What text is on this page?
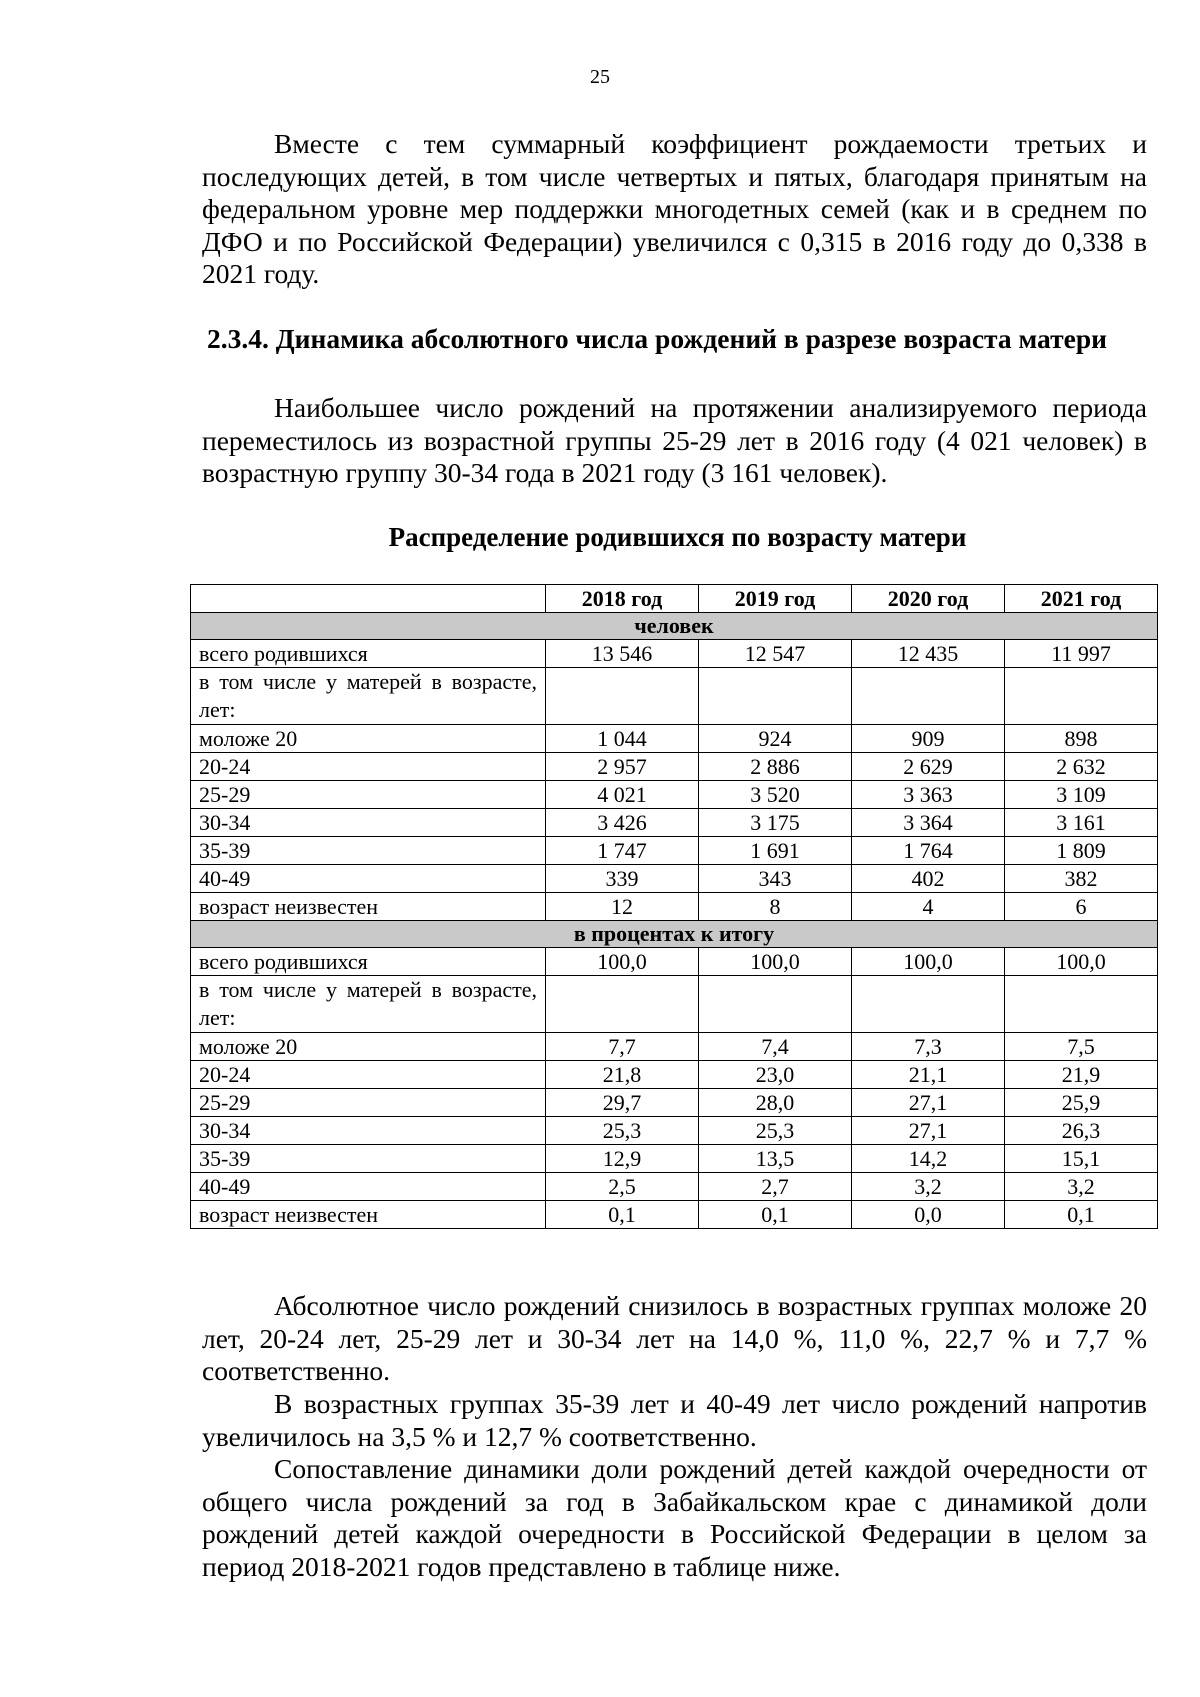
25

Вместе с тем суммарный коэффициент рождаемости третьих и последующих детей, в том числе четвертых и пятых, благодаря принятым на федеральном уровне мер поддержки многодетных семей (как и в среднем по ДФО и по Российской Федерации) увеличился с 0,315 в 2016 году до 0,338 в 2021 году.

2.3.4. Динамика абсолютного числа рождений в разрезе возраста матери

Наибольшее число рождений на протяжении анализируемого периода переместилось из возрастной группы 25-29 лет в 2016 году (4 021 человек) в возрастную группу 30-34 года в 2021 году (3 161 человек).

Распределение родившихся по возрасту матери
	2018 год	2019 год	2020 год	2021 год
человек				
всего родившихся	13 546	12 547	12 435	11 997
в том числе у матерей в возрасте, лет:				
моложе 20	1 044	924	909	898
20-24	2 957	2 886	2 629	2 632
25-29	4 021	3 520	3 363	3 109
30-34	3 426	3 175	3 364	3 161
35-39	1 747	1 691	1 764	1 809
40-49	339	343	402	382
возраст неизвестен	12	8	4	6
в процентах к итогу				
всего родившихся	100,0	100,0	100,0	100,0
в том числе у матерей в возрасте, лет:				
моложе 20	7,7	7,4	7,3	7,5
20-24	21,8	23,0	21,1	21,9
25-29	29,7	28,0	27,1	25,9
30-34	25,3	25,3	27,1	26,3
35-39	12,9	13,5	14,2	15,1
40-49	2,5	2,7	3,2	3,2
возраст неизвестен	0,1	0,1	0,0	0,1

Абсолютное число рождений снизилось в возрастных группах моложе 20 лет, 20-24 лет, 25-29 лет и 30-34 лет на 14,0 %, 11,0 %, 22,7 % и 7,7 % соответственно.

В возрастных группах 35-39 лет и 40-49 лет число рождений напротив увеличилось на 3,5 % и 12,7 % соответственно.

Сопоставление динамики доли рождений детей каждой очередности от общего числа рождений за год в Забайкальском крае с динамикой доли рождений детей каждой очередности в Российской Федерации в целом за период 2018-2021 годов представлено в таблице ниже.
